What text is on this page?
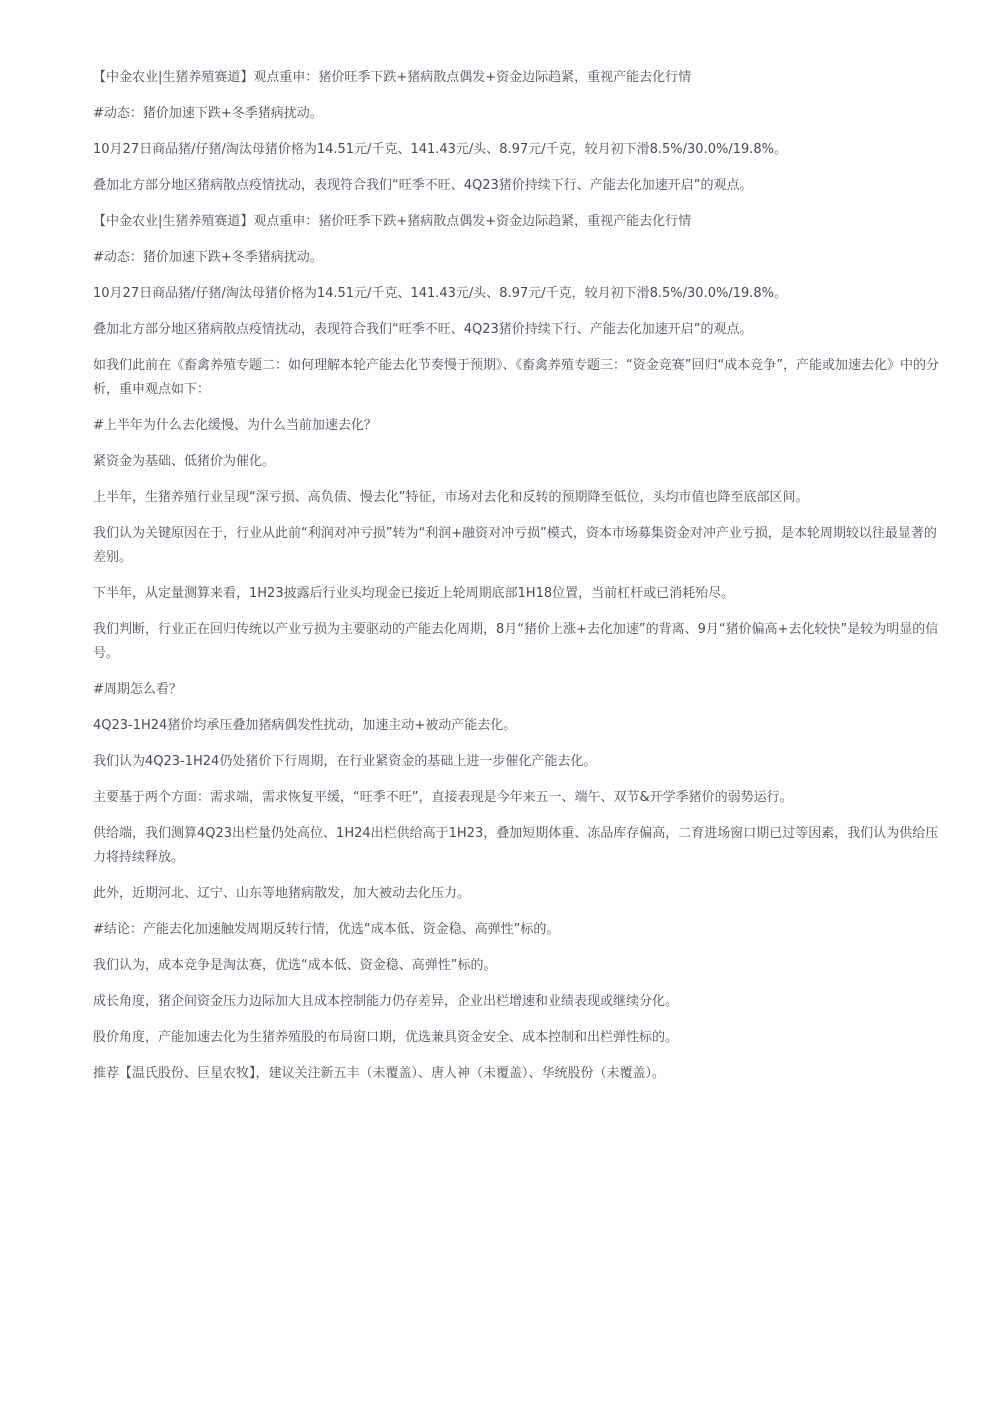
【中金农业|生猪养殖赛道】观点重申：猪价旺季下跌+猪病散点偶发+资金边际趋紧，重视产能去化行情

#动态：猪价加速下跌+冬季猪病扰动。

10月27日商品猪/仔猪/淘汰母猪价格为14.51元/千克、141.43元/头、8.97元/千克，较月初下滑8.5%/30.0%/19.8%。

叠加北方部分地区猪病散点疫情扰动，表现符合我们“旺季不旺、4Q23猪价持续下行、产能去化加速开启”的观点。

【中金农业|生猪养殖赛道】观点重申：猪价旺季下跌+猪病散点偶发+资金边际趋紧，重视产能去化行情

#动态：猪价加速下跌+冬季猪病扰动。

10月27日商品猪/仔猪/淘汰母猪价格为14.51元/千克、141.43元/头、8.97元/千克，较月初下滑8.5%/30.0%/19.8%。

叠加北方部分地区猪病散点疫情扰动，表现符合我们“旺季不旺、4Q23猪价持续下行、产能去化加速开启”的观点。

如我们此前在《畜禽养殖专题二：如何理解本轮产能去化节奏慢于预期》、《畜禽养殖专题三：“资金竞赛”回归“成本竞争”，产能或加速去化》中的分析，重申观点如下：

#上半年为什么去化缓慢、为什么当前加速去化？

紧资金为基础、低猪价为催化。

上半年，生猪养殖行业呈现“深亏损、高负债、慢去化”特征，市场对去化和反转的预期降至低位，头均市值也降至底部区间。

我们认为关键原因在于，行业从此前“利润对冲亏损”转为“利润+融资对冲亏损”模式，资本市场募集资金对冲产业亏损，是本轮周期较以往最显著的差别。

下半年，从定量测算来看，1H23披露后行业头均现金已接近上轮周期底部1H18位置，当前杠杆或已消耗殆尽。

我们判断，行业正在回归传统以产业亏损为主要驱动的产能去化周期，8月“猪价上涨+去化加速”的背离、9月“猪价偏高+去化较快”是较为明显的信号。

#周期怎么看？

4Q23-1H24猪价均承压叠加猪病偶发性扰动，加速主动+被动产能去化。

我们认为4Q23-1H24仍处猪价下行周期，在行业紧资金的基础上进一步催化产能去化。

主要基于两个方面：需求端，需求恢复平缓，“旺季不旺”，直接表现是今年来五一、端午、双节&开学季猪价的弱势运行。

供给端，我们测算4Q23出栏量仍处高位、1H24出栏供给高于1H23，叠加短期体重、冻品库存偏高，二育进场窗口期已过等因素，我们认为供给压力将持续释放。

此外，近期河北、辽宁、山东等地猪病散发，加大被动去化压力。

#结论：产能去化加速触发周期反转行情，优选“成本低、资金稳、高弹性”标的。

我们认为，成本竞争是淘汰赛，优选“成本低、资金稳、高弹性”标的。

成长角度，猪企间资金压力边际加大且成本控制能力仍存差异，企业出栏增速和业绩表现或继续分化。

股价角度，产能加速去化为生猪养殖股的布局窗口期，优选兼具资金安全、成本控制和出栏弹性标的。

推荐【温氏股份、巨星农牧】，建议关注新五丰（未覆盖）、唐人神（未覆盖）、华统股份（未覆盖）。
